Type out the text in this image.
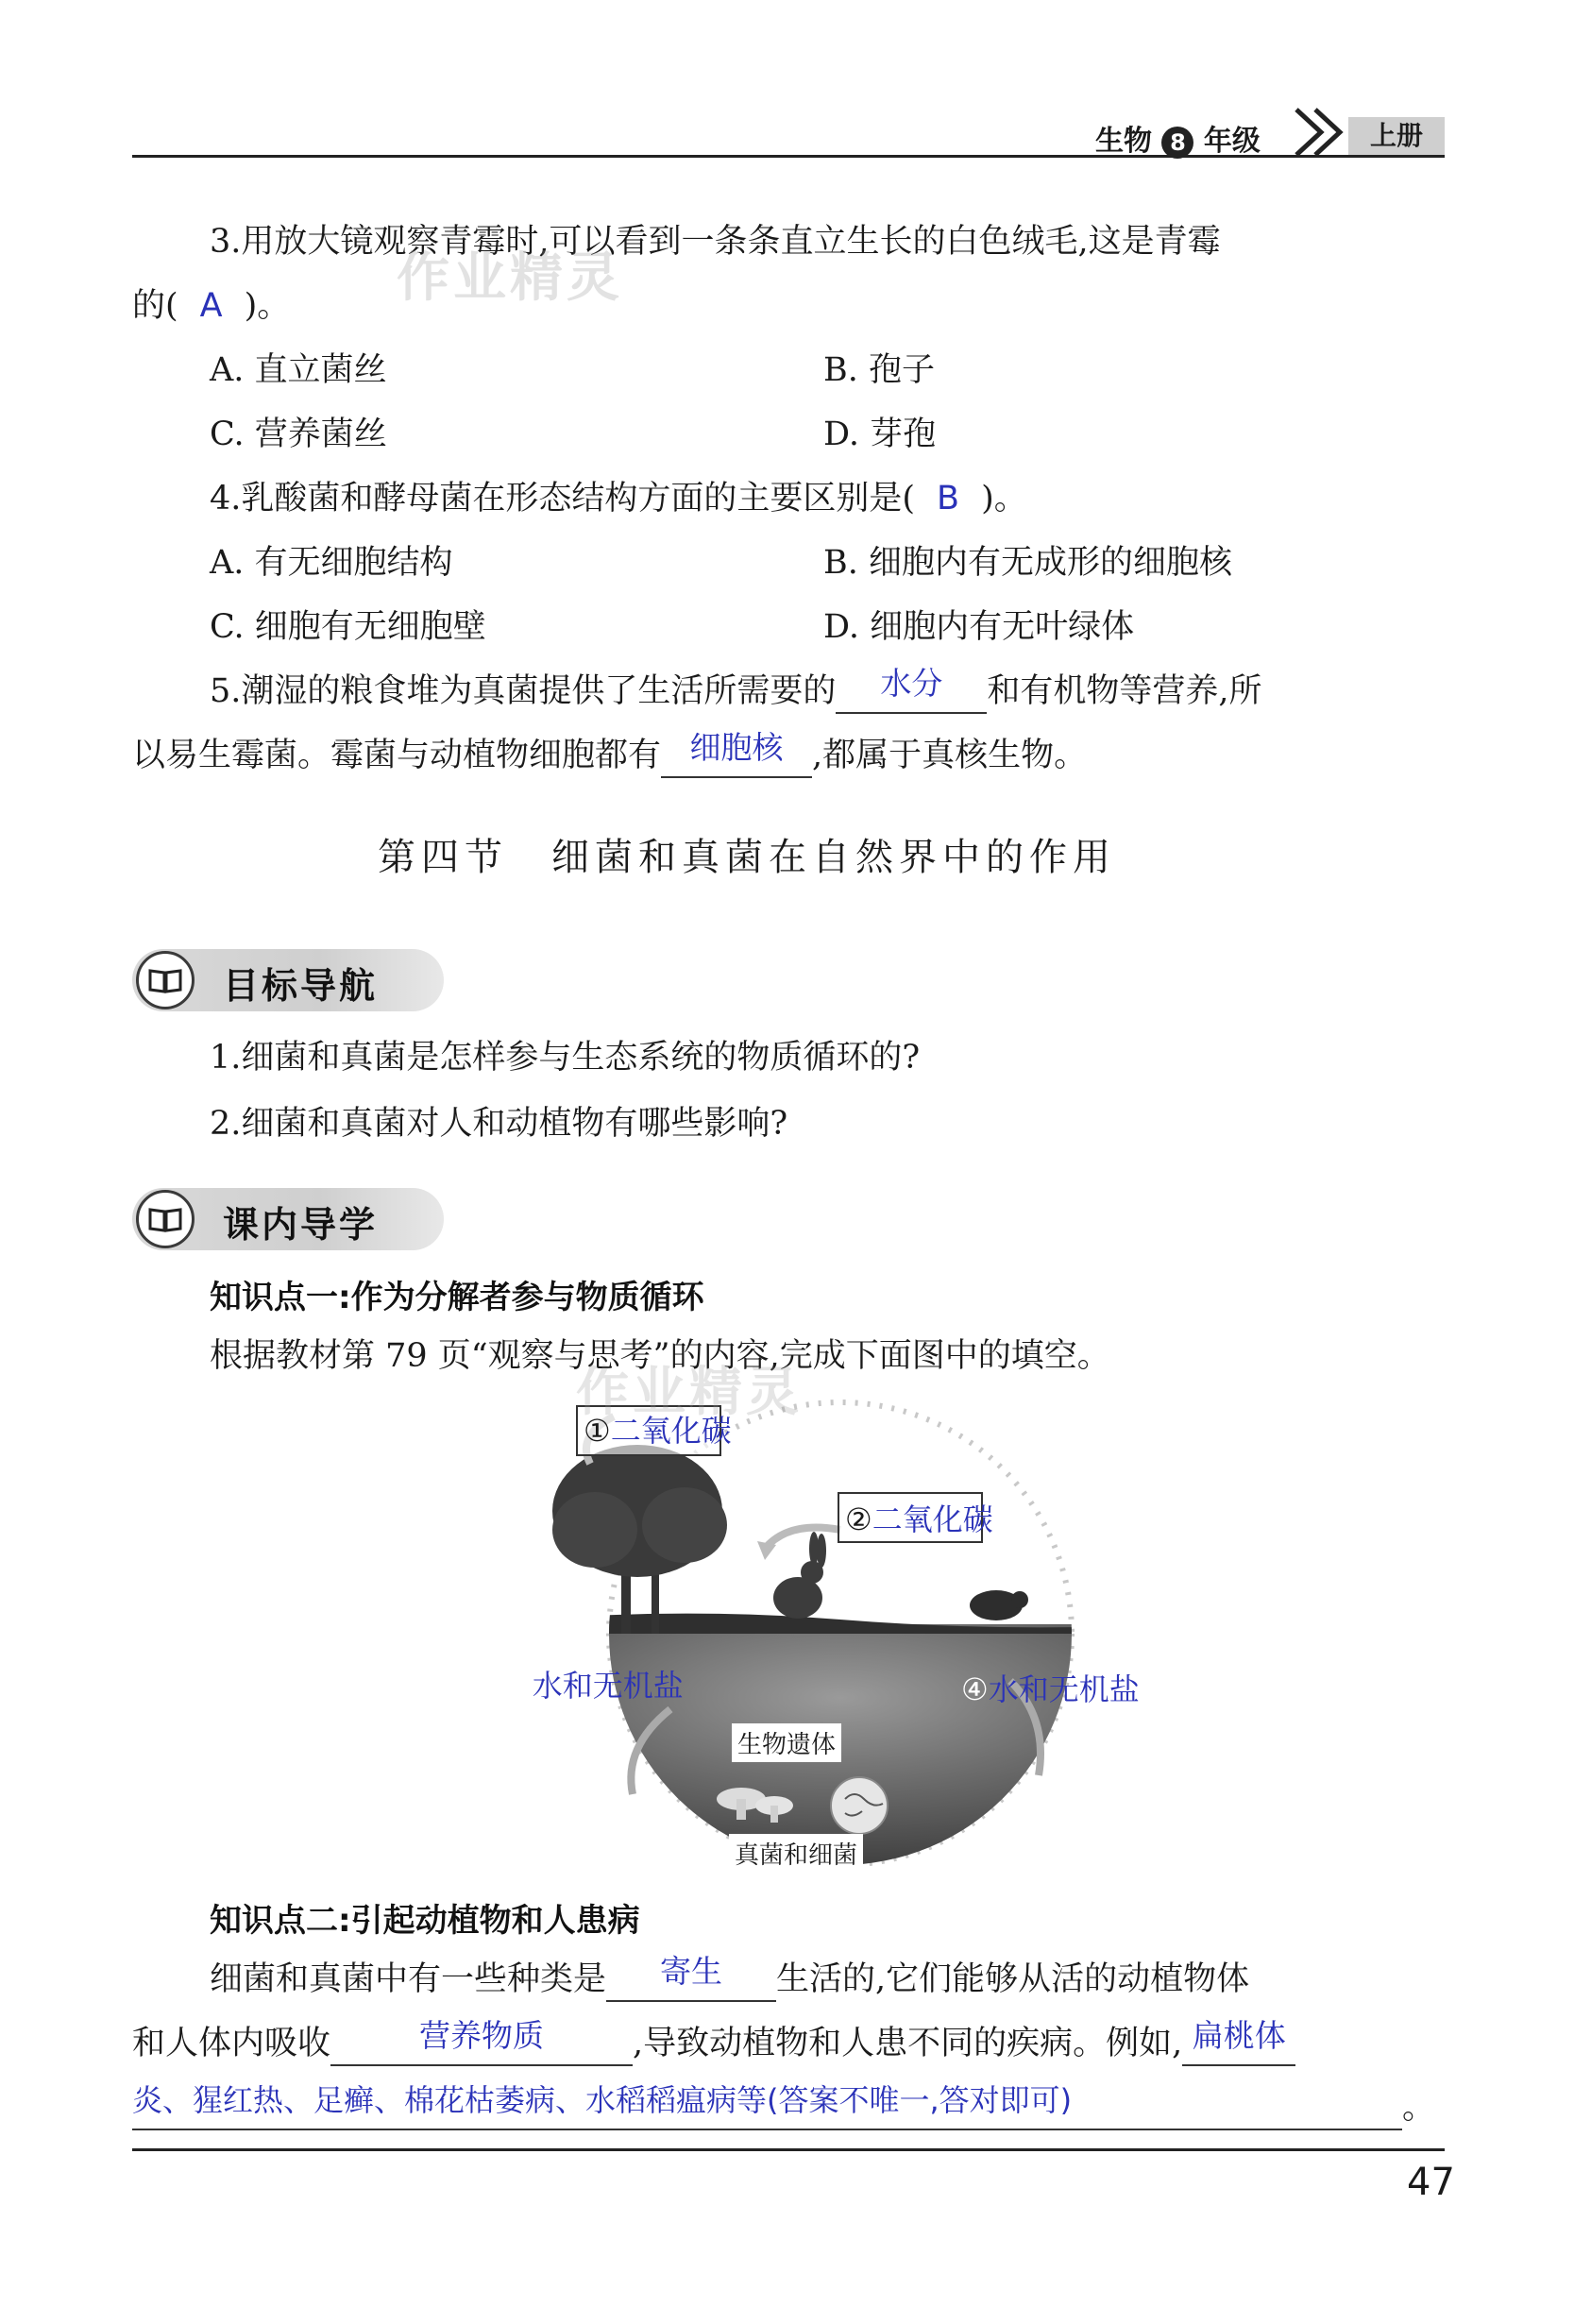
生物 8 年级	上册
3.用放大镜观察青霉时,可以看到一条条直立生长的白色绒毛,这是青霉
的( A )。
A. 直立菌丝	B. 孢子
C. 营养菌丝	D. 芽孢
4.乳酸菌和酵母菌在形态结构方面的主要区别是( B )。
A. 有无细胞结构	B. 细胞内有无成形的细胞核
C. 细胞有无细胞壁	D. 细胞内有无叶绿体
5.潮湿的粮食堆为真菌提供了生活所需要的	水分	和有机物等营养,所
以易生霉菌。霉菌与动植物细胞都有 细胞核 ,都属于真核生物。
第四节　细菌和真菌在自然界中的作用
目标导航
1.细菌和真菌是怎样参与生态系统的物质循环的?
2.细菌和真菌对人和动植物有哪些影响?
课内导学
知识点一:作为分解者参与物质循环
根据教材第 79 页“观察与思考”的内容,完成下面图中的填空。
①二氧化碳
②二氧化碳
③水和无机盐	④水和无机盐
生物遗体
真菌和细菌
知识点二:引起动植物和人患病
细菌和真菌中有一些种类是	寄生	生活的,它们能够从活的动植物体
和人体内吸收	营养物质	,导致动植物和人患不同的疾病。例如, 扁桃体
炎、猩红热、足癣、棉花枯萎病、水稻稻瘟病等(答案不唯一,答对即可)	。
作业精灵
作业精灵
47
